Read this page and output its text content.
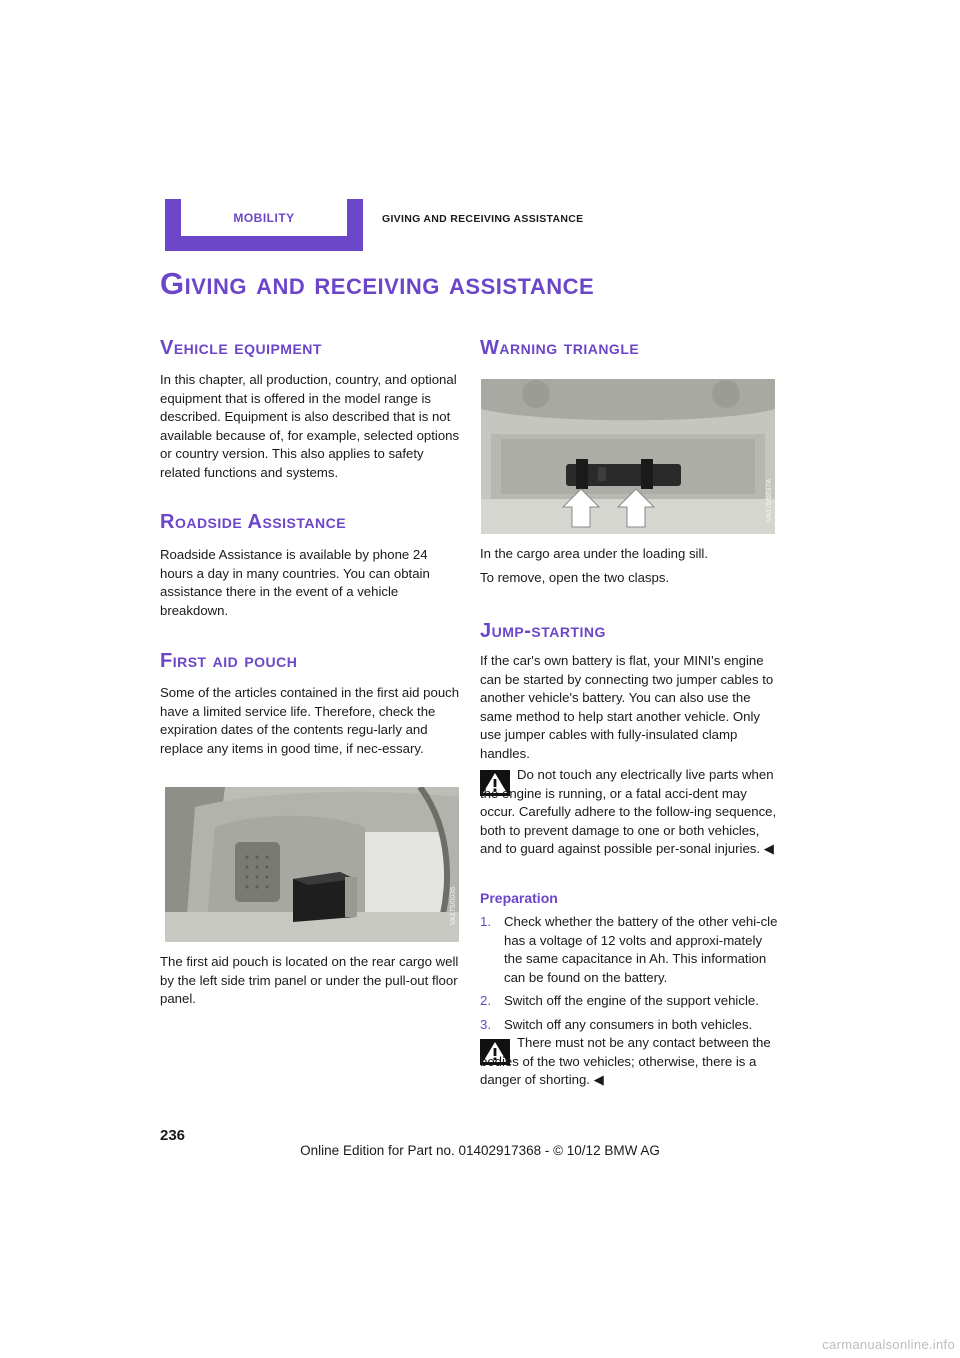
MOBILITY	GIVING AND RECEIVING ASSISTANCE
Giving and receiving assistance
Vehicle equipment

In this chapter, all production, country, and optional equipment that is offered in the model range is described. Equipment is also described that is not available because of, for example, selected options or country version. This also applies to safety related functions and systems.

Roadside Assistance

Roadside Assistance is available by phone 24 hours a day in many countries. You can obtain assistance there in the event of a vehicle breakdown.

First aid pouch

Some of the articles contained in the first aid pouch have a limited service life. Therefore, check the expiration dates of the contents regu-larly and replace any items in good time, if nec-essary.

VA175/0036

The first aid pouch is located on the rear cargo well by the left side trim panel or under the pull-out floor panel.

Warning triangle
VA175/0037A

In the cargo area under the loading sill.

To remove, open the two clasps.

Jump-starting

If the car's own battery is flat, your MINI's engine can be started by connecting two jumper cables to another vehicle's battery. You can also use the same method to help start another vehicle. Only use jumper cables with fully-insulated clamp handles.

Do not touch any electrically live parts when the engine is running, or a fatal acci-dent may occur. Carefully adhere to the follow-ing sequence, both to prevent damage to one or both vehicles, and to guard against possible per-sonal injuries. ◀

Preparation
1. Check whether the battery of the other vehi-cle has a voltage of 12 volts and approxi-mately the same capacitance in Ah. This information can be found on the battery.
2. Switch off the engine of the support vehicle.
3. Switch off any consumers in both vehicles.

There must not be any contact between the bodies of the two vehicles; otherwise, there is a danger of shorting. ◀

236
Online Edition for Part no. 01402917368 - © 10/12 BMW AG
carmanualsonline.info
